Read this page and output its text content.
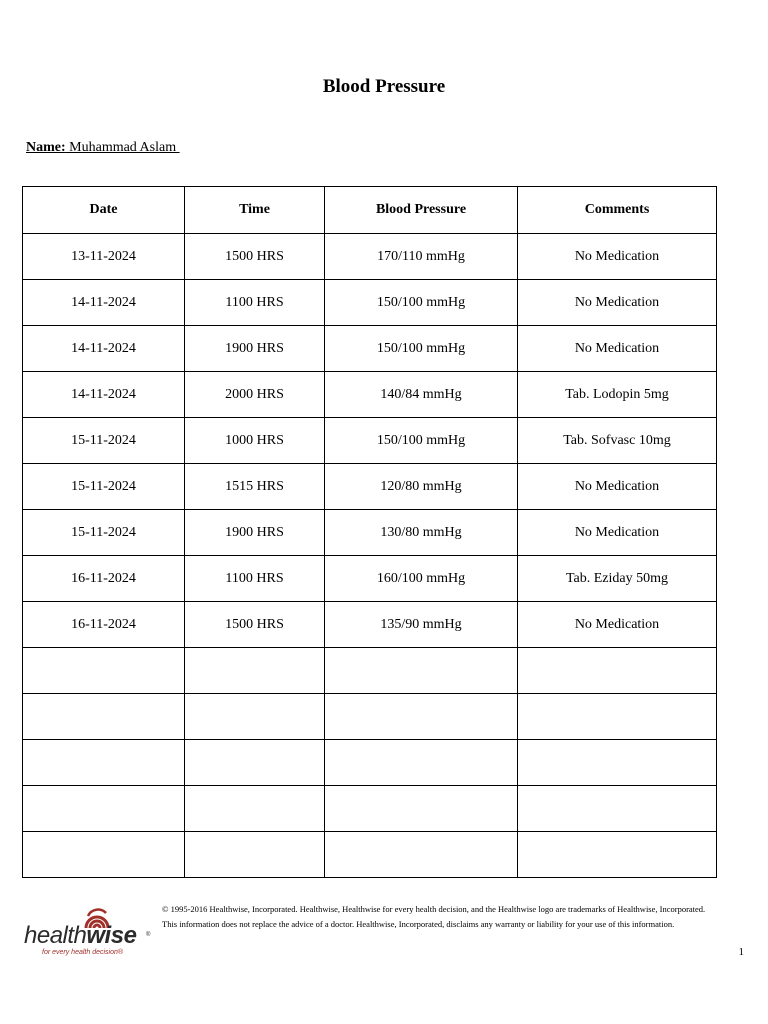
Blood Pressure
Name: Muhammad Aslam
Date	Time	Blood Pressure	Comments
13-11-2024	1500 HRS	170/110 mmHg	No Medication
14-11-2024	1100 HRS	150/100 mmHg	No Medication
14-11-2024	1900 HRS	150/100 mmHg	No Medication
14-11-2024	2000 HRS	140/84 mmHg	Tab. Lodopin 5mg
15-11-2024	1000 HRS	150/100 mmHg	Tab. Sofvasc 10mg
15-11-2024	1515 HRS	120/80 mmHg	No Medication
15-11-2024	1900 HRS	130/80 mmHg	No Medication
16-11-2024	1100 HRS	160/100 mmHg	Tab. Eziday 50mg
16-11-2024	1500 HRS	135/90 mmHg	No Medication

healthwise ®
for every health decision®

© 1995-2016 Healthwise, Incorporated. Healthwise, Healthwise for every health decision, and the Healthwise logo are trademarks of Healthwise, Incorporated.

This information does not replace the advice of a doctor. Healthwise, Incorporated, disclaims any warranty or liability for your use of this information.

1
